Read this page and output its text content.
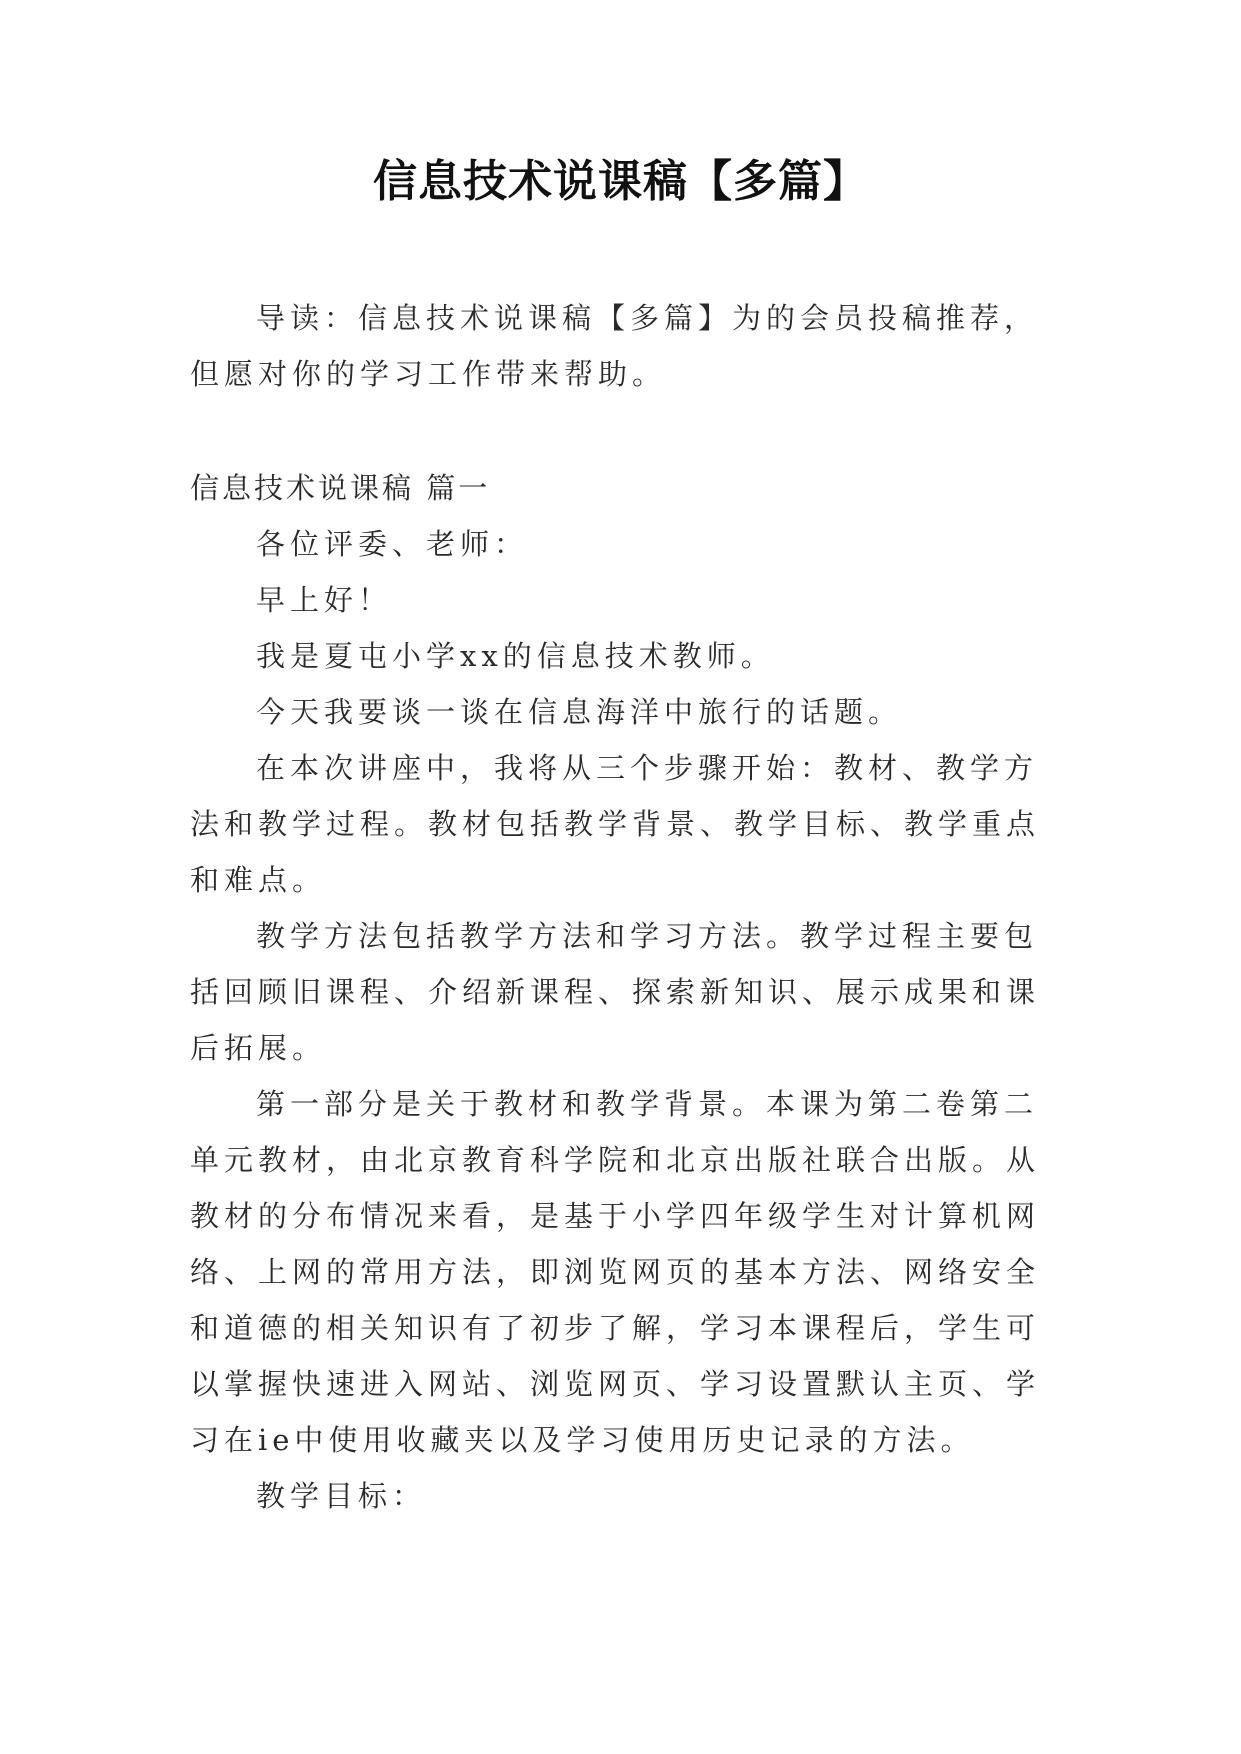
信息技术说课稿【多篇】

导读：信息技术说课稿【多篇】为的会员投稿推荐，但愿对你的学习工作带来帮助。

信息技术说课稿 篇一

各位评委、老师：

早上好！

我是夏屯小学xx的信息技术教师。

今天我要谈一谈在信息海洋中旅行的话题。

在本次讲座中，我将从三个步骤开始：教材、教学方法和教学过程。教材包括教学背景、教学目标、教学重点和难点。

教学方法包括教学方法和学习方法。教学过程主要包括回顾旧课程、介绍新课程、探索新知识、展示成果和课后拓展。

第一部分是关于教材和教学背景。本课为第二卷第二单元教材，由北京教育科学院和北京出版社联合出版。从教材的分布情况来看，是基于小学四年级学生对计算机网络、上网的常用方法，即浏览网页的基本方法、网络安全和道德的相关知识有了初步了解，学习本课程后，学生可以掌握快速进入网站、浏览网页、学习设置默认主页、学习在ie中使用收藏夹以及学习使用历史记录的方法。

教学目标：
